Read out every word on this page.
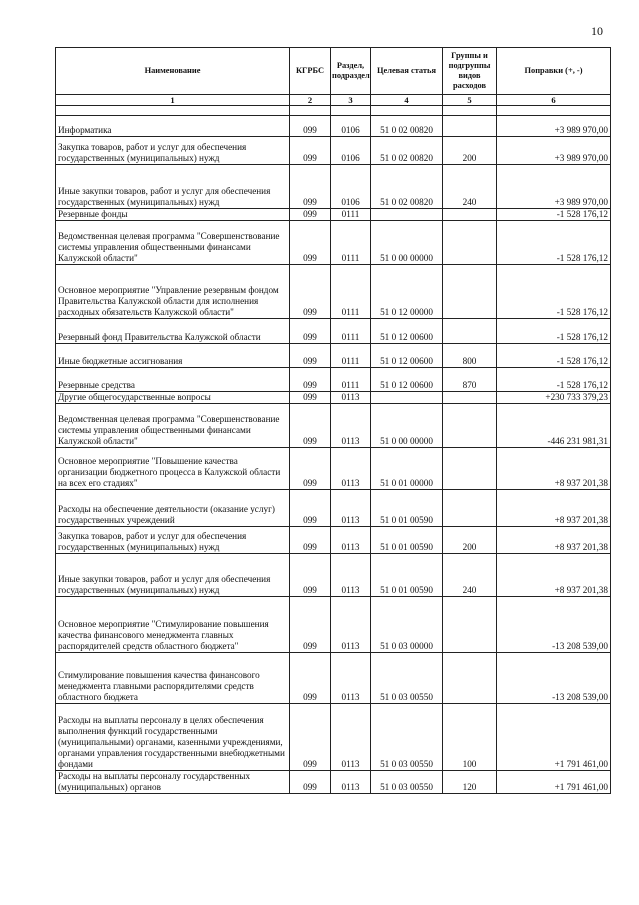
10
Наименование	КГРБС	Раздел, подраздел	Целевая статья	Группы и подгруппы видов расходов	Поправки (+, -)
1	2	3	4	5	6

Информатика	099	0106	51 0 02 00820		+3 989 970,00
Закупка товаров, работ и услуг для обеспечения государственных (муниципальных) нужд	099	0106	51 0 02 00820	200	+3 989 970,00
Иные закупки товаров, работ и услуг для обеспечения государственных (муниципальных) нужд	099	0106	51 0 02 00820	240	+3 989 970,00
Резервные фонды	099	0111			-1 528 176,12
Ведомственная целевая программа "Совершенствование системы управления общественными финансами Калужской области"	099	0111	51 0 00 00000		-1 528 176,12
Основное мероприятие "Управление резервным фондом Правительства Калужской области для исполнения расходных обязательств Калужской области"	099	0111	51 0 12 00000		-1 528 176,12
Резервный фонд Правительства Калужской области	099	0111	51 0 12 00600		-1 528 176,12
Иные бюджетные ассигнования	099	0111	51 0 12 00600	800	-1 528 176,12
Резервные средства	099	0111	51 0 12 00600	870	-1 528 176,12
Другие общегосударственные вопросы	099	0113			+230 733 379,23
Ведомственная целевая программа "Совершенствование системы управления общественными финансами Калужской области"	099	0113	51 0 00 00000		-446 231 981,31
Основное мероприятие "Повышение качества организации бюджетного процесса в Калужской области на всех его стадиях"	099	0113	51 0 01 00000		+8 937 201,38
Расходы на обеспечение деятельности (оказание услуг) государственных учреждений	099	0113	51 0 01 00590		+8 937 201,38
Закупка товаров, работ и услуг для обеспечения государственных (муниципальных) нужд	099	0113	51 0 01 00590	200	+8 937 201,38
Иные закупки товаров, работ и услуг для обеспечения государственных (муниципальных) нужд	099	0113	51 0 01 00590	240	+8 937 201,38
Основное мероприятие "Стимулирование повышения качества финансового менеджмента главных распорядителей средств областного бюджета"	099	0113	51 0 03 00000		-13 208 539,00
Стимулирование повышения качества финансового менеджмента главными распорядителями средств областного бюджета	099	0113	51 0 03 00550		-13 208 539,00
Расходы на выплаты персоналу в целях обеспечения выполнения функций государственными (муниципальными) органами, казенными учреждениями, органами управления государственными внебюджетными фондами	099	0113	51 0 03 00550	100	+1 791 461,00
Расходы на выплаты персоналу государственных (муниципальных) органов	099	0113	51 0 03 00550	120	+1 791 461,00
